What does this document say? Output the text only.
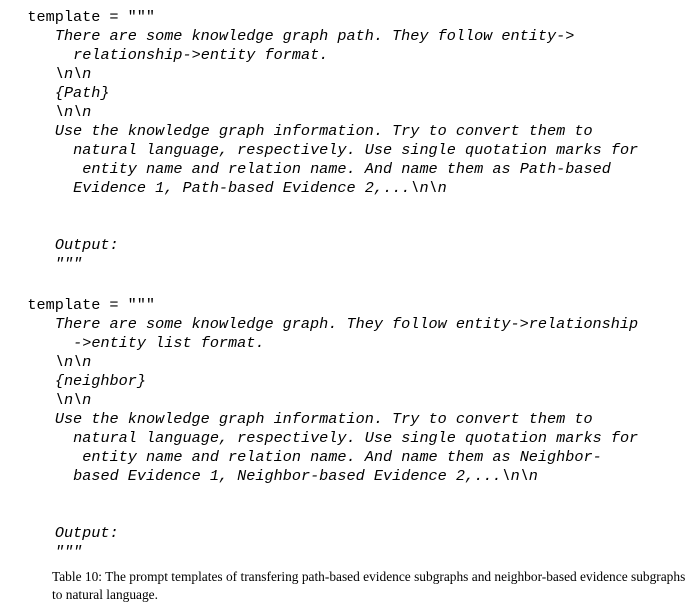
template = """
There are some knowledge graph path. They follow entity->
relationship->entity format.
\n\n
{Path}
\n\n
Use the knowledge graph information. Try to convert them to
natural language, respectively. Use single quotation marks for
entity name and relation name. And name them as Path-based
Evidence 1, Path-based Evidence 2,...\n\n
Output:
"""
template = """
There are some knowledge graph. They follow entity->relationship
->entity list format.
\n\n
{neighbor}
\n\n
Use the knowledge graph information. Try to convert them to
natural language, respectively. Use single quotation marks for
entity name and relation name. And name them as Neighbor-
based Evidence 1, Neighbor-based Evidence 2,...\n\n
Output:
"""

Table 10: The prompt templates of transfering path-based evidence subgraphs and neighbor-based evidence subgraphs to natural language.
